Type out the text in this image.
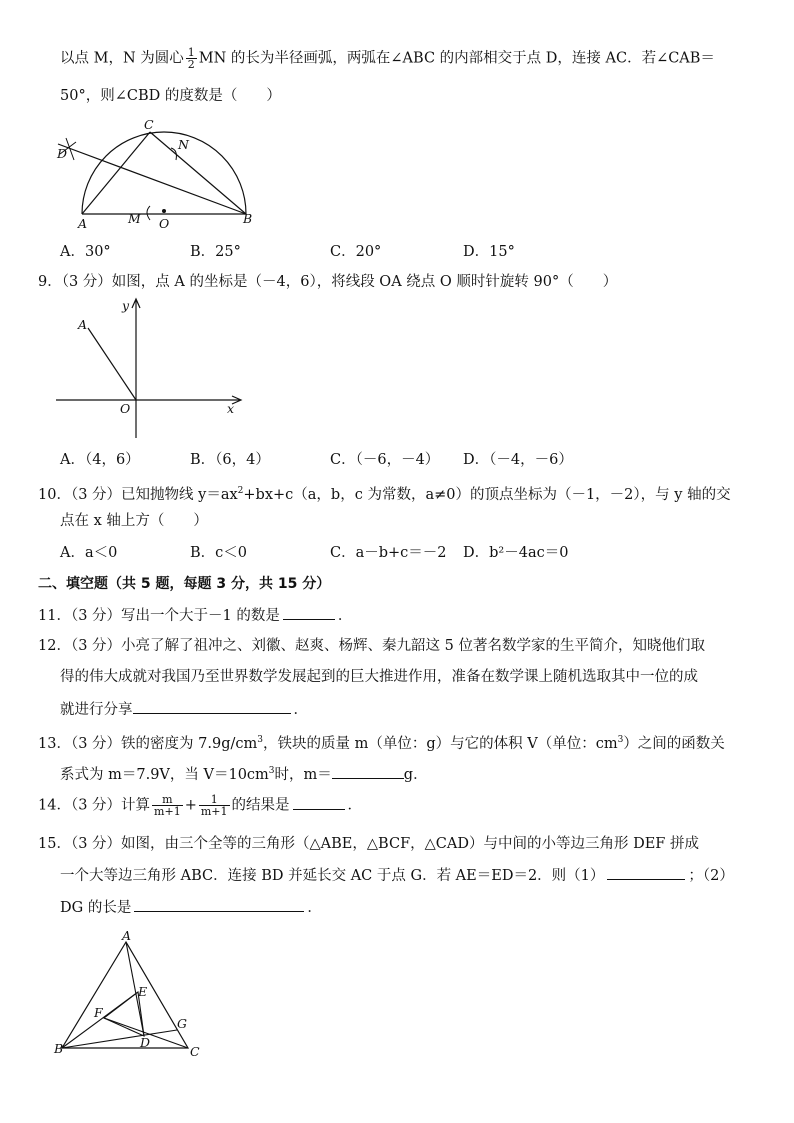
以点 M，N 为圆心 $\frac{1}{2}$ MN 的长为半径画弧，两弧在∠ABC 的内部相交于点 D，连接 AC．若∠CAB＝
50°，则∠CBD 的度数是（　　）
C
N
D
A	M O	B
A．30°	B．25°	C．20°	D．15°
9．（3 分）如图，点 A 的坐标是（－4，6），将线段 OA 绕点 O 顺时针旋转 90°（　　）
A
y
O	x
A．（4，6）	B．（6，4）	C．（－6，－4） D．（－4，－6）
10．（3 分）已知抛物线 $y=ax^2+bx+c(a$，b，c 为常数，a≠0）的顶点坐标为（－1，－2），与 y 轴的交
点在 x 轴上方（　　）
A．a＜0	B．c＜0	C．a－b+c＝－2 D．b²－4ac＝0
二、填空题（共 5 题，每题 3 分，共 15 分）
11．（3 分）写出一个大于－1 的数是	．
12．（3 分）小亮了解了祖冲之、刘徽、赵爽、杨辉、秦九韶这 5 位著名数学家的生平简介，知晓他们取
得的伟大成就对我国乃至世界数学发展起到的巨大推进作用，准备在数学课上随机选取其中一位的成
就进行分享	．
13．（3 分）铁的密度为 $7.9g/cm^3$，铁块的质量 m（单位：g）与它的体积 V（单位：$cm^3$）之间的函数关
系式为 m＝7.9V，当 $V=10cm^3$时，m＝	g．
14．（3 分）计算 $\frac{m}{m+1} + \frac{1}{m+1}$ 的结果是	．
15．（3 分）如图，由三个全等的三角形（△ABE，△BCF，△CAD）与中间的小等边三角形 DEF 拼成
一个大等边三角形 ABC．连接 BD 并延长交 AC 于点 G．若 AE＝ED＝2．则（1）	；（2）
DG 的长是	．
A
E
F
G
B	D
C
